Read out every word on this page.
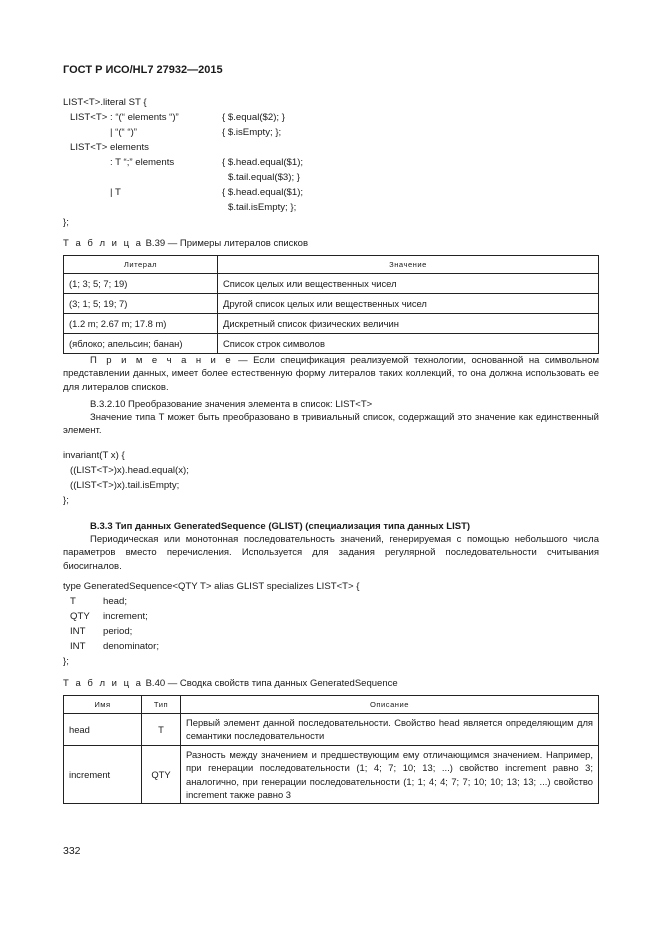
ГОСТ Р ИСО/HL7 27932—2015
LIST<T>.literal ST {
LIST<T> : “(“ elements “)”	{ $.equal($2); }
| “(“ “)”	{ $.isEmpty; };
LIST<T> elements
: T “;” elements	{ $.head.equal($1);
$.tail.equal($3); }
| T	{ $.head.equal($1);
$.tail.isEmpty; };
};
Т а б л и ц а B.39 — Примеры литералов списков
Литерал	Значение
(1; 3; 5; 7; 19)	Список целых или вещественных чисел
(3; 1; 5; 19; 7)	Другой список целых или вещественных чисел
(1.2 m; 2.67 m; 17.8 m)	Дискретный список физических величин
(яблоко; апельсин; банан)	Список строк символов
П р и м е ч а н и е — Если спецификация реализуемой технологии, основанной на символьном представлении данных, имеет более естественную форму литералов таких коллекций, то она должна использовать ее для литералов списков.
B.3.2.10 Преобразование значения элемента в список: LIST<T>
Значение типа T может быть преобразовано в тривиальный список, содержащий это значение как единственный элемент.
invariant(T x) {
((LIST<T>)x).head.equal(x);
((LIST<T>)x).tail.isEmpty;
};
B.3.3 Тип данных GeneratedSequence (GLIST) (специализация типа данных LIST)
Периодическая или монотонная последовательность значений, генерируемая с помощью небольшого числа параметров вместо перечисления. Используется для задания регулярной последовательности считывания биосигналов.
type GeneratedSequence<QTY T> alias GLIST specializes LIST<T> {
T	head;
QTY increment;
INT period;
INT denominator;
};
Т а б л и ц а B.40 — Сводка свойств типа данных GeneratedSequence
Имя	Тип	Описание
head	T	Первый элемент данной последовательности. Свойство head является определяющим для семантики последовательности
increment	QTY	Разность между значением и предшествующим ему отличающимся значением. Например, при генерации последовательности (1; 4; 7; 10; 13; ...) свойство increment равно 3; аналогично, при генерации последовательности (1; 1; 4; 4; 7; 7; 10; 10; 13; 13; ...) свойство increment также равно 3
332
